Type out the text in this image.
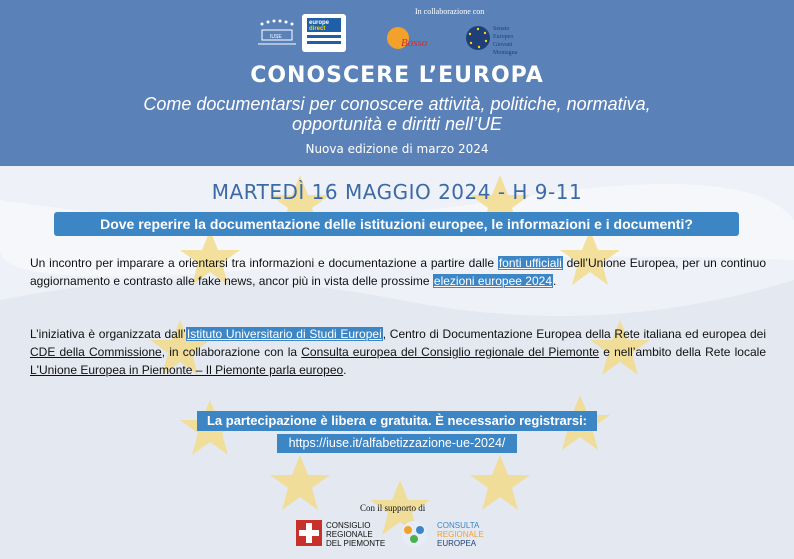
IUSE
europe
direct
Bosso
Senato
Europeo
Giovani
Montagna
In collaborazione con
CONOSCERE L’EUROPA
Come documentarsi per conoscere attività, politiche, normativa,
opportunità e diritti nell’UE
Nuova edizione di marzo 2024
MARTEDÌ 16 MAGGIO 2024 - H 9-11
Dove reperire la documentazione delle istituzioni europee, le informazioni e i documenti?
Un incontro per imparare a orientarsi tra informazioni e documentazione a partire dalle fonti ufficiali dell’Unione Europea, per un continuo aggiornamento e contrasto alle fake news, ancor più in vista delle prossime elezioni europee 2024.
L’iniziativa è organizzata dall’Istituto Universitario di Studi Europei, Centro di Documentazione Europea della Rete italiana ed europea dei CDE della Commissione, in collaborazione con la Consulta europea del Consiglio regionale del Piemonte e nell’ambito della Rete locale L'Unione Europea in Piemonte – Il Piemonte parla europeo.
La partecipazione è libera e gratuita. È necessario registrarsi:
https://iuse.it/alfabetizzazione-ue-2024/
Con il supporto di
CONSIGLIO
REGIONALE
DEL PIEMONTE
CONSULTA
REGIONALE
EUROPEA
